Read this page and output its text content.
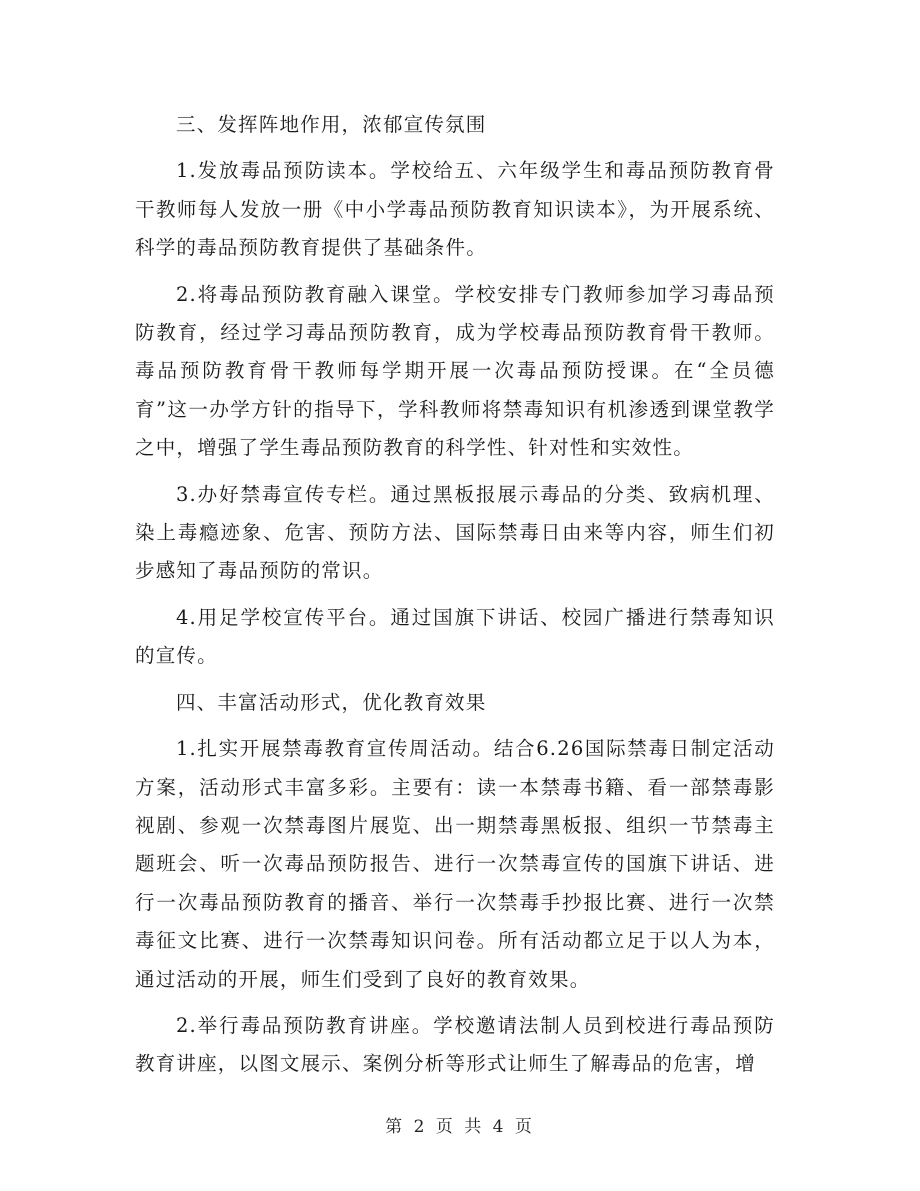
三、发挥阵地作用，浓郁宣传氛围

1.发放毒品预防读本。学校给五、六年级学生和毒品预防教育骨干教师每人发放一册《中小学毒品预防教育知识读本》，为开展系统、科学的毒品预防教育提供了基础条件。

2.将毒品预防教育融入课堂。学校安排专门教师参加学习毒品预防教育，经过学习毒品预防教育，成为学校毒品预防教育骨干教师。毒品预防教育骨干教师每学期开展一次毒品预防授课。在“全员德育”这一办学方针的指导下，学科教师将禁毒知识有机渗透到课堂教学之中，增强了学生毒品预防教育的科学性、针对性和实效性。

3.办好禁毒宣传专栏。通过黑板报展示毒品的分类、致病机理、染上毒瘾迹象、危害、预防方法、国际禁毒日由来等内容，师生们初步感知了毒品预防的常识。

4.用足学校宣传平台。通过国旗下讲话、校园广播进行禁毒知识的宣传。

四、丰富活动形式，优化教育效果

1.扎实开展禁毒教育宣传周活动。结合6.26国际禁毒日制定活动方案，活动形式丰富多彩。主要有：读一本禁毒书籍、看一部禁毒影视剧、参观一次禁毒图片展览、出一期禁毒黑板报、组织一节禁毒主题班会、听一次毒品预防报告、进行一次禁毒宣传的国旗下讲话、进行一次毒品预防教育的播音、举行一次禁毒手抄报比赛、进行一次禁毒征文比赛、进行一次禁毒知识问卷。所有活动都立足于以人为本，通过活动的开展，师生们受到了良好的教育效果。

2.举行毒品预防教育讲座。学校邀请法制人员到校进行毒品预防教育讲座，以图文展示、案例分析等形式让师生了解毒品的危害，增

第 2 页 共 4 页
